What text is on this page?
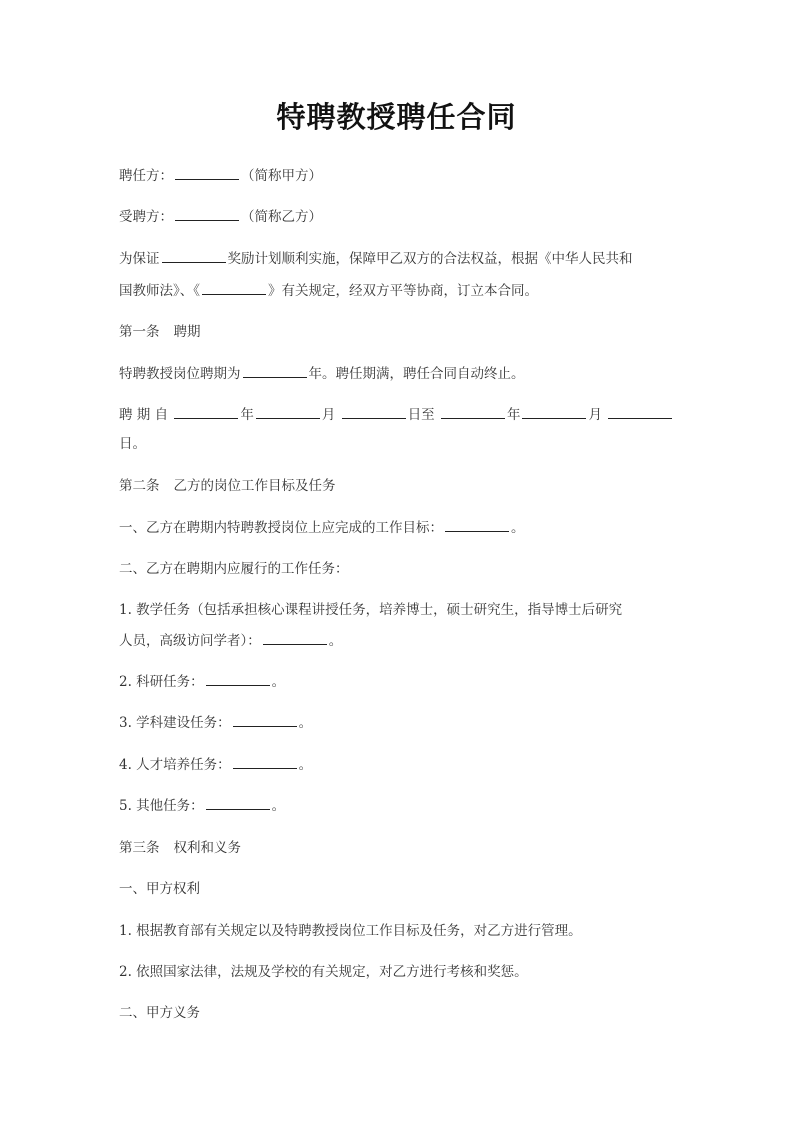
特聘教授聘任合同
聘任方：	（简称甲方）
受聘方：	（简称乙方）
为保证	奖励计划顺利实施，保障甲乙双方的合法权益，根据《中华人民共和
国教师法》、《	》有关规定，经双方平等协商，订立本合同。
第一条 聘期
特聘教授岗位聘期为	年。聘任期满，聘任合同自动终止。
聘 期 自	年	月	日至	年	月
日。
第二条 乙方的岗位工作目标及任务
一、乙方在聘期内特聘教授岗位上应完成的工作目标：	。
二、乙方在聘期内应履行的工作任务：
1. 教学任务（包括承担核心课程讲授任务，培养博士，硕士研究生，指导博士后研究
人员，高级访问学者）：	。
2. 科研任务：	。
3. 学科建设任务：	。
4. 人才培养任务：	。
5. 其他任务：	。
第三条 权利和义务
一、甲方权利
1. 根据教育部有关规定以及特聘教授岗位工作目标及任务，对乙方进行管理。
2. 依照国家法律，法规及学校的有关规定，对乙方进行考核和奖惩。
二、甲方义务
